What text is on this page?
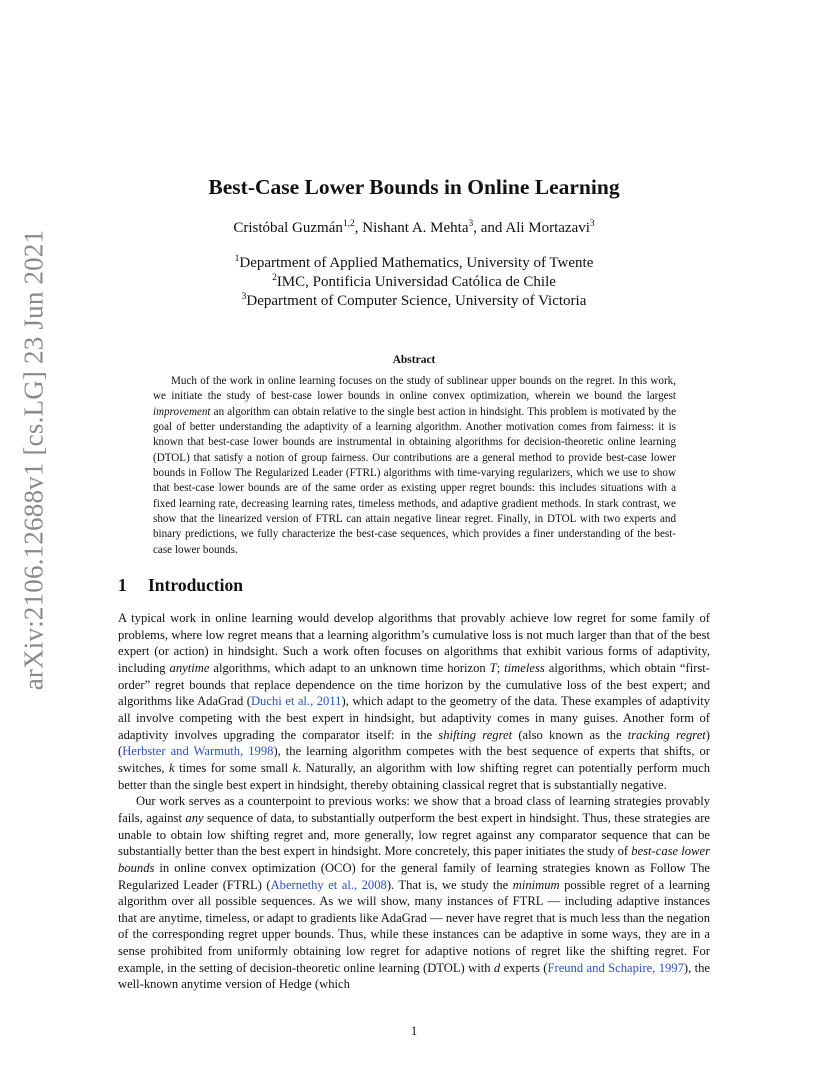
arXiv:2106.12688v1 [cs.LG] 23 Jun 2021
Best-Case Lower Bounds in Online Learning
Cristóbal Guzmán$^{1,2}$, Nishant A. Mehta$^3$, and Ali Mortazavi$^3$
$^1$Department of Applied Mathematics, University of Twente
$^2$IMC, Pontificia Universidad Católica de Chile
$^3$Department of Computer Science, University of Victoria
Abstract

Much of the work in online learning focuses on the study of sublinear upper bounds on the regret. In this work, we initiate the study of best-case lower bounds in online convex optimization, wherein we bound the largest improvement an algorithm can obtain relative to the single best action in hindsight. This problem is motivated by the goal of better understanding the adaptivity of a learning algorithm. Another motivation comes from fairness: it is known that best-case lower bounds are instrumental in obtaining algorithms for decision-theoretic online learning (DTOL) that satisfy a notion of group fairness. Our contributions are a general method to provide best-case lower bounds in Follow The Regularized Leader (FTRL) algorithms with time-varying regularizers, which we use to show that best-case lower bounds are of the same order as existing upper regret bounds: this includes situations with a fixed learning rate, decreasing learning rates, timeless methods, and adaptive gradient methods. In stark contrast, we show that the linearized version of FTRL can attain negative linear regret. Finally, in DTOL with two experts and binary predictions, we fully characterize the best-case sequences, which provides a finer understanding of the best-case lower bounds.

1 Introduction

A typical work in online learning would develop algorithms that provably achieve low regret for some family of problems, where low regret means that a learning algorithm’s cumulative loss is not much larger than that of the best expert (or action) in hindsight. Such a work often focuses on algorithms that exhibit various forms of adaptivity, including anytime algorithms, which adapt to an unknown time horizon T; timeless algorithms, which obtain “first-order” regret bounds that replace dependence on the time horizon by the cumulative loss of the best expert; and algorithms like AdaGrad (Duchi et al., 2011), which adapt to the geometry of the data. These examples of adaptivity all involve competing with the best expert in hindsight, but adaptivity comes in many guises. Another form of adaptivity involves upgrading the comparator itself: in the shifting regret (also known as the tracking regret) (Herbster and Warmuth, 1998), the learning algorithm competes with the best sequence of experts that shifts, or switches, k times for some small k. Naturally, an algorithm with low shifting regret can potentially perform much better than the single best expert in hindsight, thereby obtaining classical regret that is substantially negative.

Our work serves as a counterpoint to previous works: we show that a broad class of learning strategies provably fails, against any sequence of data, to substantially outperform the best expert in hindsight. Thus, these strategies are unable to obtain low shifting regret and, more generally, low regret against any comparator sequence that can be substantially better than the best expert in hindsight. More concretely, this paper initiates the study of best-case lower bounds in online convex optimization (OCO) for the general family of learning strategies known as Follow The Regularized Leader (FTRL) (Abernethy et al., 2008). That is, we study the minimum possible regret of a learning algorithm over all possible sequences. As we will show, many instances of FTRL — including adaptive instances that are anytime, timeless, or adapt to gradients like AdaGrad — never have regret that is much less than the negation of the corresponding regret upper bounds. Thus, while these instances can be adaptive in some ways, they are in a sense prohibited from uniformly obtaining low regret for adaptive notions of regret like the shifting regret. For example, in the setting of decision-theoretic online learning (DTOL) with d experts (Freund and Schapire, 1997), the well-known anytime version of Hedge (which

1
